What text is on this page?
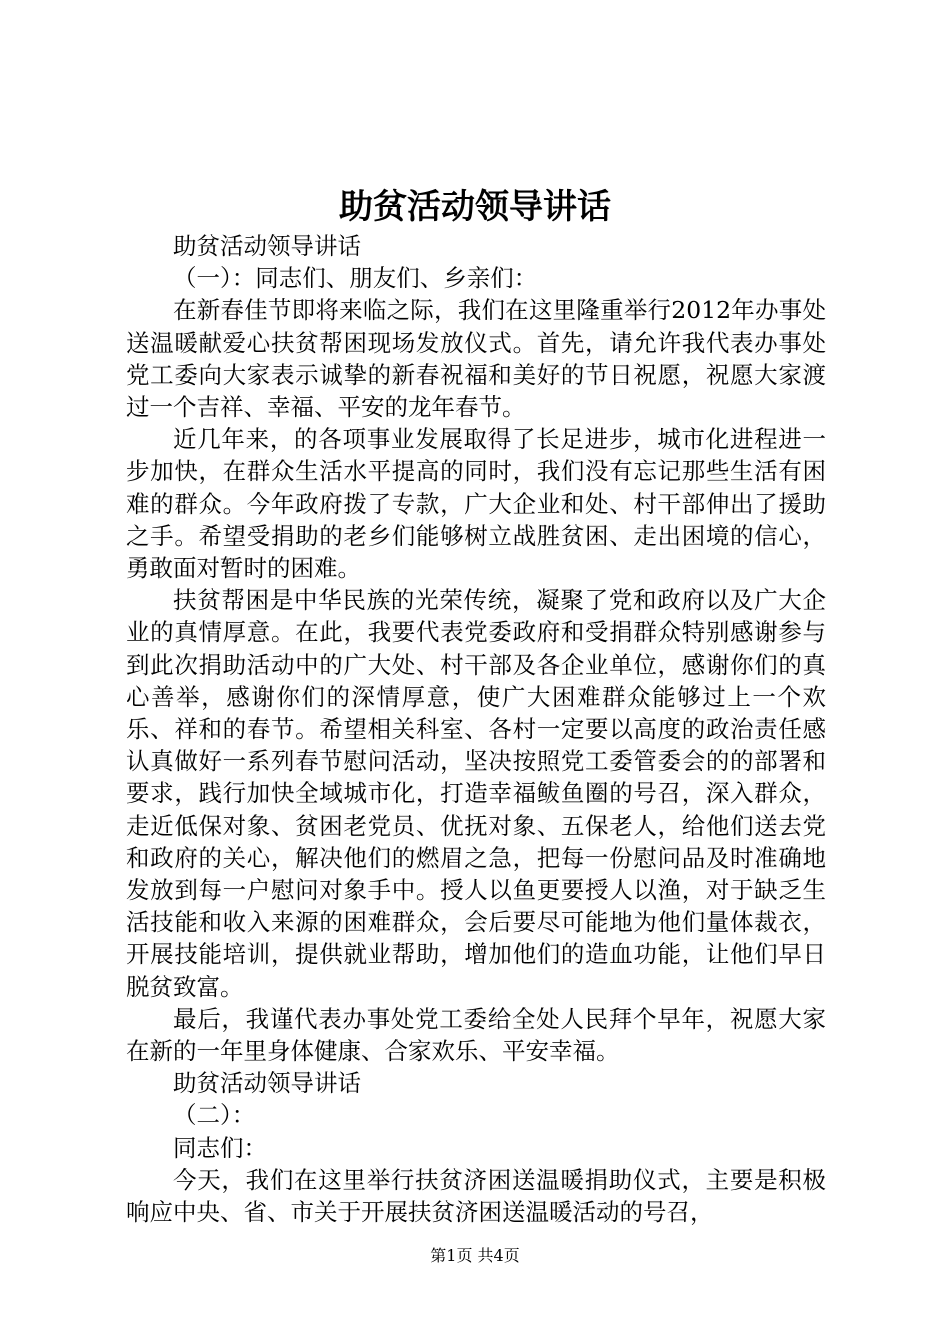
助贫活动领导讲话

助贫活动领导讲话

（一）：同志们、朋友们、乡亲们：

在新春佳节即将来临之际，我们在这里隆重举行2012年办事处送温暖献爱心扶贫帮困现场发放仪式。首先，请允许我代表办事处党工委向大家表示诚挚的新春祝福和美好的节日祝愿，祝愿大家渡过一个吉祥、幸福、平安的龙年春节。

近几年来，的各项事业发展取得了长足进步，城市化进程进一步加快，在群众生活水平提高的同时，我们没有忘记那些生活有困难的群众。今年政府拨了专款，广大企业和处、村干部伸出了援助之手。希望受捐助的老乡们能够树立战胜贫困、走出困境的信心，勇敢面对暂时的困难。

扶贫帮困是中华民族的光荣传统，凝聚了党和政府以及广大企业的真情厚意。在此，我要代表党委政府和受捐群众特别感谢参与到此次捐助活动中的广大处、村干部及各企业单位，感谢你们的真心善举，感谢你们的深情厚意，使广大困难群众能够过上一个欢乐、祥和的春节。希望相关科室、各村一定要以高度的政治责任感认真做好一系列春节慰问活动，坚决按照党工委管委会的的部署和要求，践行加快全域城市化，打造幸福鲅鱼圈的号召，深入群众，走近低保对象、贫困老党员、优抚对象、五保老人，给他们送去党和政府的关心，解决他们的燃眉之急，把每一份慰问品及时准确地发放到每一户慰问对象手中。授人以鱼更要授人以渔，对于缺乏生活技能和收入来源的困难群众，会后要尽可能地为他们量体裁衣，开展技能培训，提供就业帮助，增加他们的造血功能，让他们早日脱贫致富。

最后，我谨代表办事处党工委给全处人民拜个早年，祝愿大家在新的一年里身体健康、合家欢乐、平安幸福。

助贫活动领导讲话

（二）：

同志们：

今天，我们在这里举行扶贫济困送温暖捐助仪式，主要是积极响应中央、省、市关于开展扶贫济困送温暖活动的号召，

第1页 共4页
